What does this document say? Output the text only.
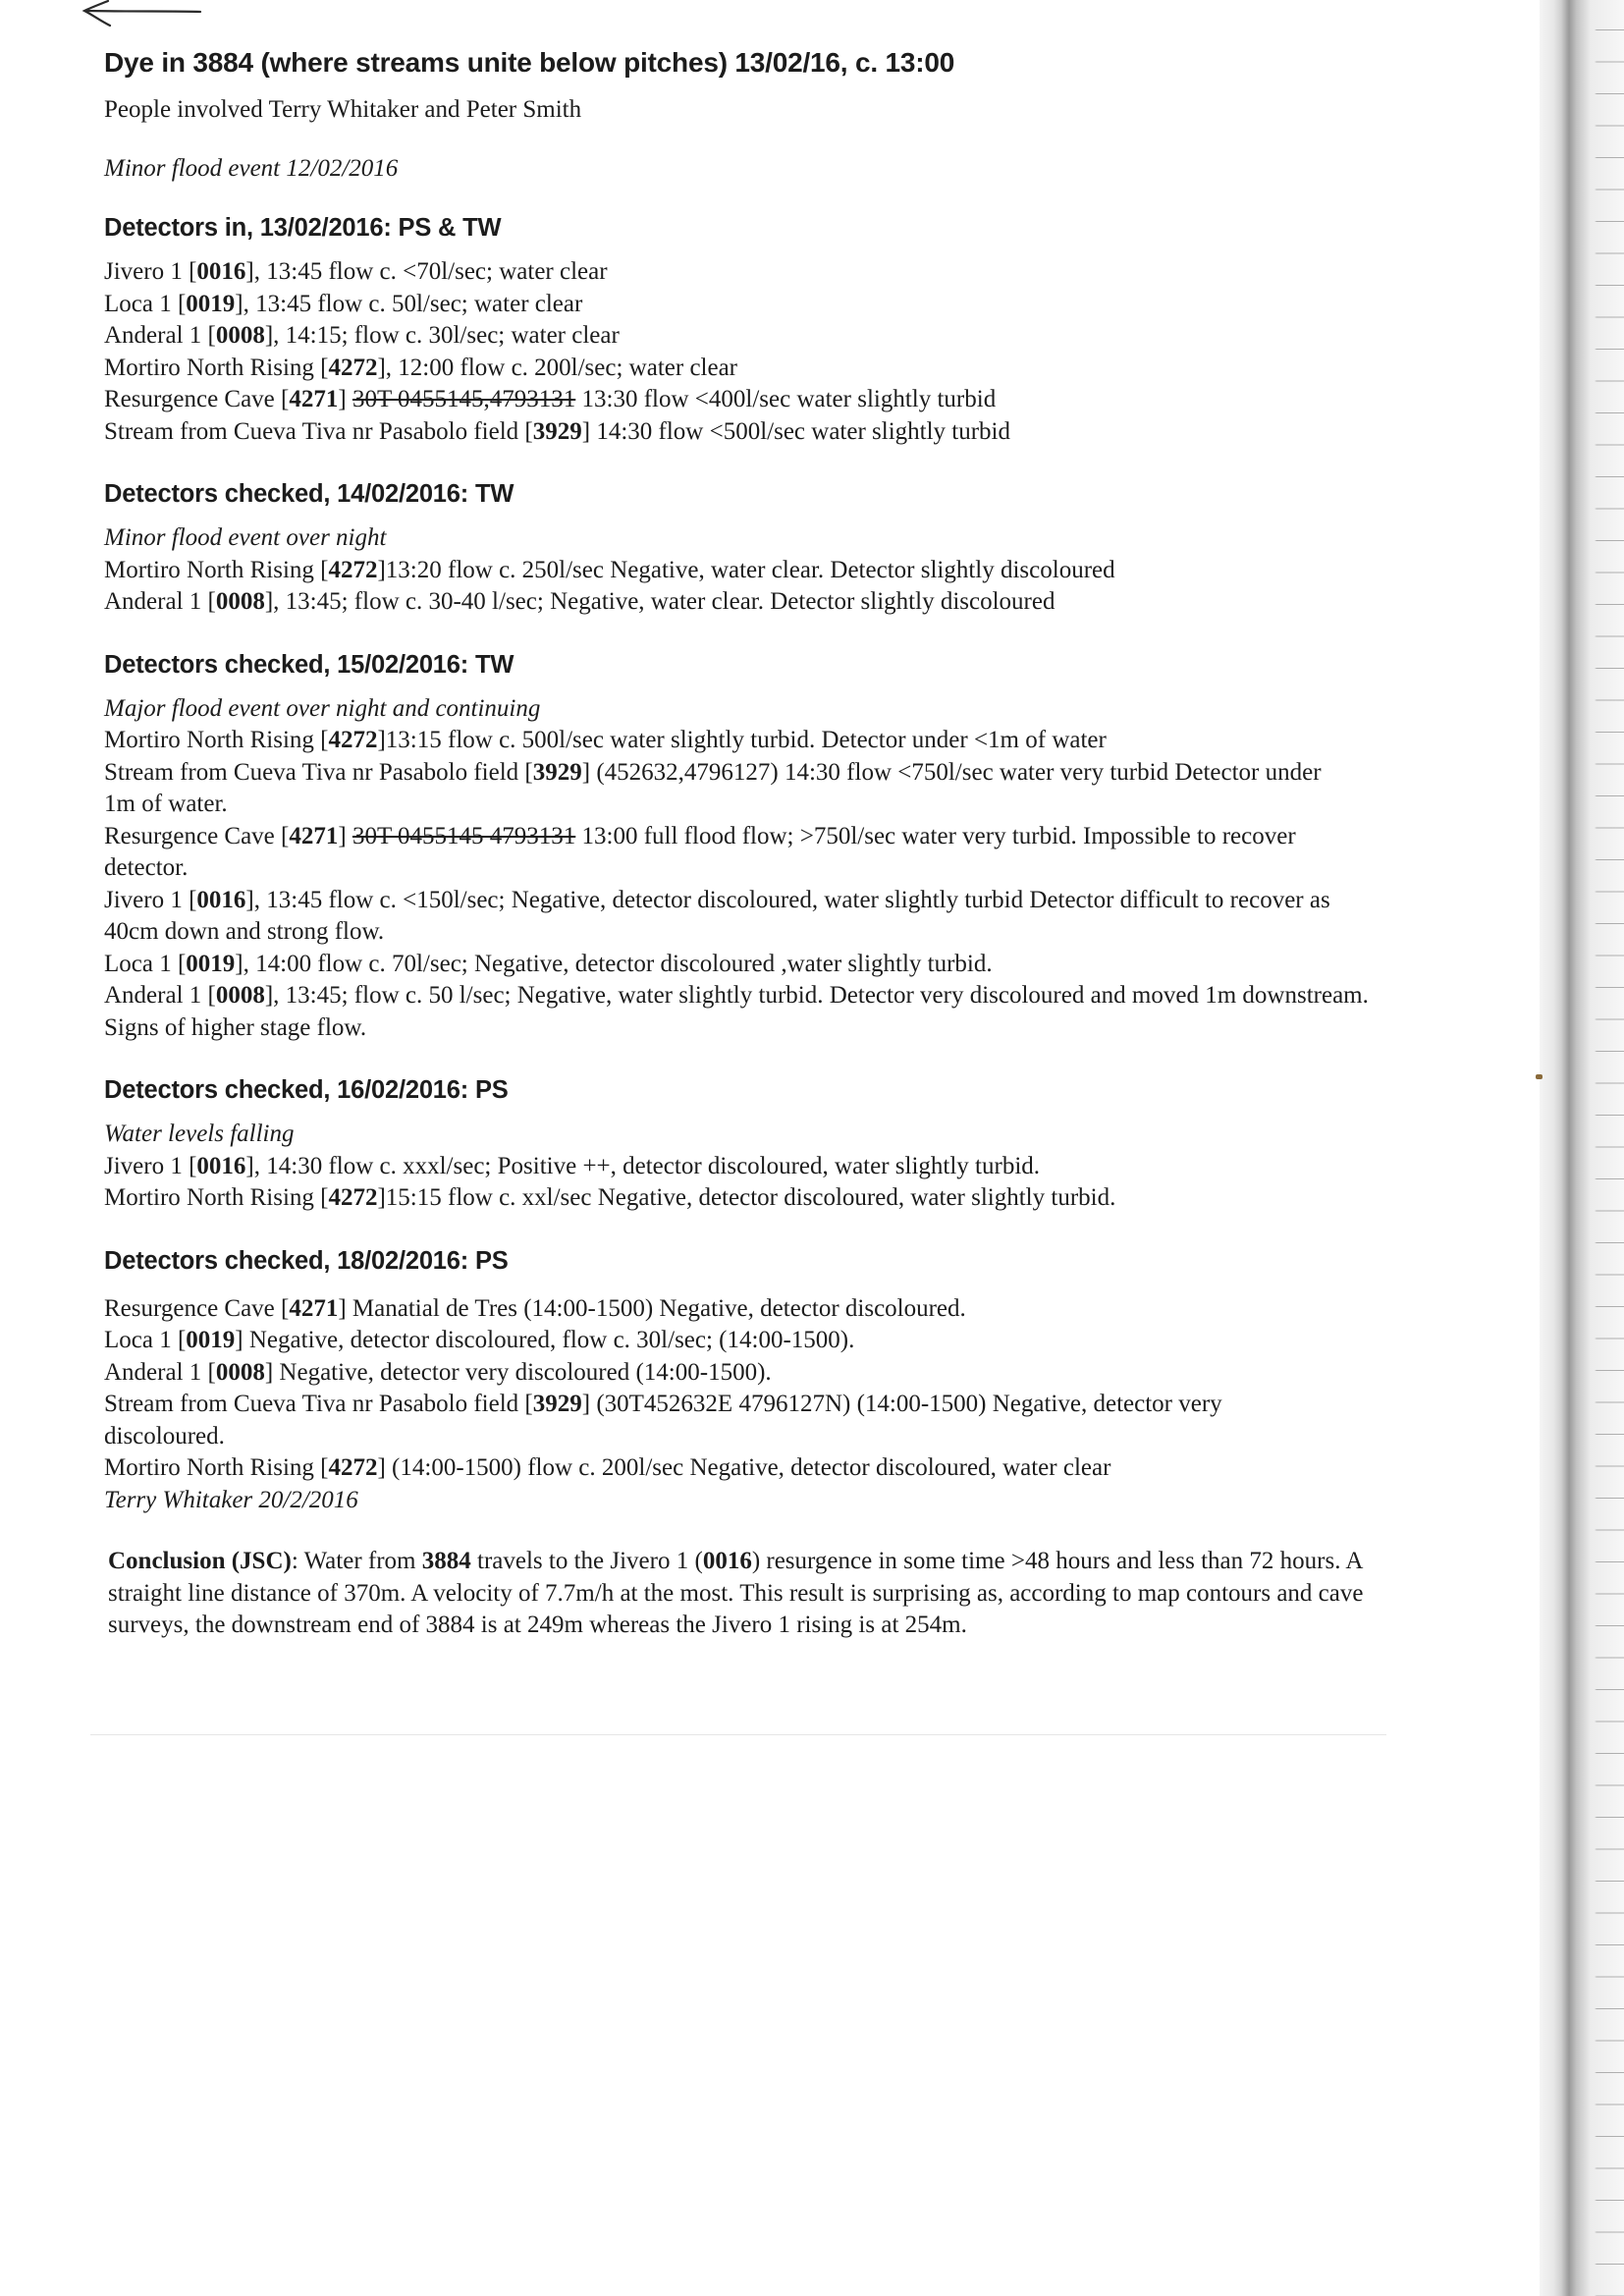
Dye in 3884 (where streams unite below pitches) 13/02/16, c. 13:00
People involved Terry Whitaker and Peter Smith
Minor flood event 12/02/2016
Detectors in, 13/02/2016: PS & TW
Jivero 1 [0016], 13:45 flow c. <70l/sec; water clear
Loca 1 [0019], 13:45 flow c. 50l/sec; water clear
Anderal 1 [0008], 14:15; flow c. 30l/sec; water clear
Mortiro North Rising [4272], 12:00 flow c. 200l/sec; water clear
Resurgence Cave [4271] 30T 0455145,4793131 13:30 flow <400l/sec water slightly turbid
Stream from Cueva Tiva nr Pasabolo field [3929] 14:30 flow <500l/sec water slightly turbid
Detectors checked, 14/02/2016: TW
Minor flood event over night
Mortiro North Rising [4272]13:20 flow c. 250l/sec Negative, water clear. Detector slightly discoloured
Anderal 1 [0008], 13:45; flow c. 30-40 l/sec; Negative, water clear. Detector slightly discoloured
Detectors checked, 15/02/2016: TW
Major flood event over night and continuing
Mortiro North Rising [4272]13:15 flow c. 500l/sec water slightly turbid. Detector under <1m of water
Stream from Cueva Tiva nr Pasabolo field [3929] (452632,4796127) 14:30 flow <750l/sec water very turbid Detector under 1m of water.
Resurgence Cave [4271] 30T 0455145 4793131 13:00 full flood flow; >750l/sec water very turbid. Impossible to recover detector.
Jivero 1 [0016], 13:45 flow c. <150l/sec; Negative, detector discoloured, water slightly turbid Detector difficult to recover as 40cm down and strong flow.
Loca 1 [0019], 14:00 flow c. 70l/sec; Negative, detector discoloured ,water slightly turbid.
Anderal 1 [0008], 13:45; flow c. 50 l/sec; Negative, water slightly turbid. Detector very discoloured and moved 1m downstream. Signs of higher stage flow.
Detectors checked, 16/02/2016: PS
Water levels falling
Jivero 1 [0016], 14:30 flow c. xxxl/sec; Positive ++, detector discoloured, water slightly turbid.
Mortiro North Rising [4272]15:15 flow c. xxl/sec Negative, detector discoloured, water slightly turbid.
Detectors checked, 18/02/2016: PS
Resurgence Cave [4271] Manatial de Tres (14:00-1500) Negative, detector discoloured.
Loca 1 [0019] Negative, detector discoloured, flow c. 30l/sec; (14:00-1500).
Anderal 1 [0008] Negative, detector very discoloured (14:00-1500).
Stream from Cueva Tiva nr Pasabolo field [3929] (30T452632E 4796127N) (14:00-1500) Negative, detector very discoloured.
Mortiro North Rising [4272] (14:00-1500) flow c. 200l/sec Negative, detector discoloured, water clear
Terry Whitaker 20/2/2016
Conclusion (JSC): Water from 3884 travels to the Jivero 1 (0016) resurgence in some time >48 hours and less than 72 hours. A straight line distance of 370m. A velocity of 7.7m/h at the most. This result is surprising as, according to map contours and cave surveys, the downstream end of 3884 is at 249m whereas the Jivero 1 rising is at 254m.
